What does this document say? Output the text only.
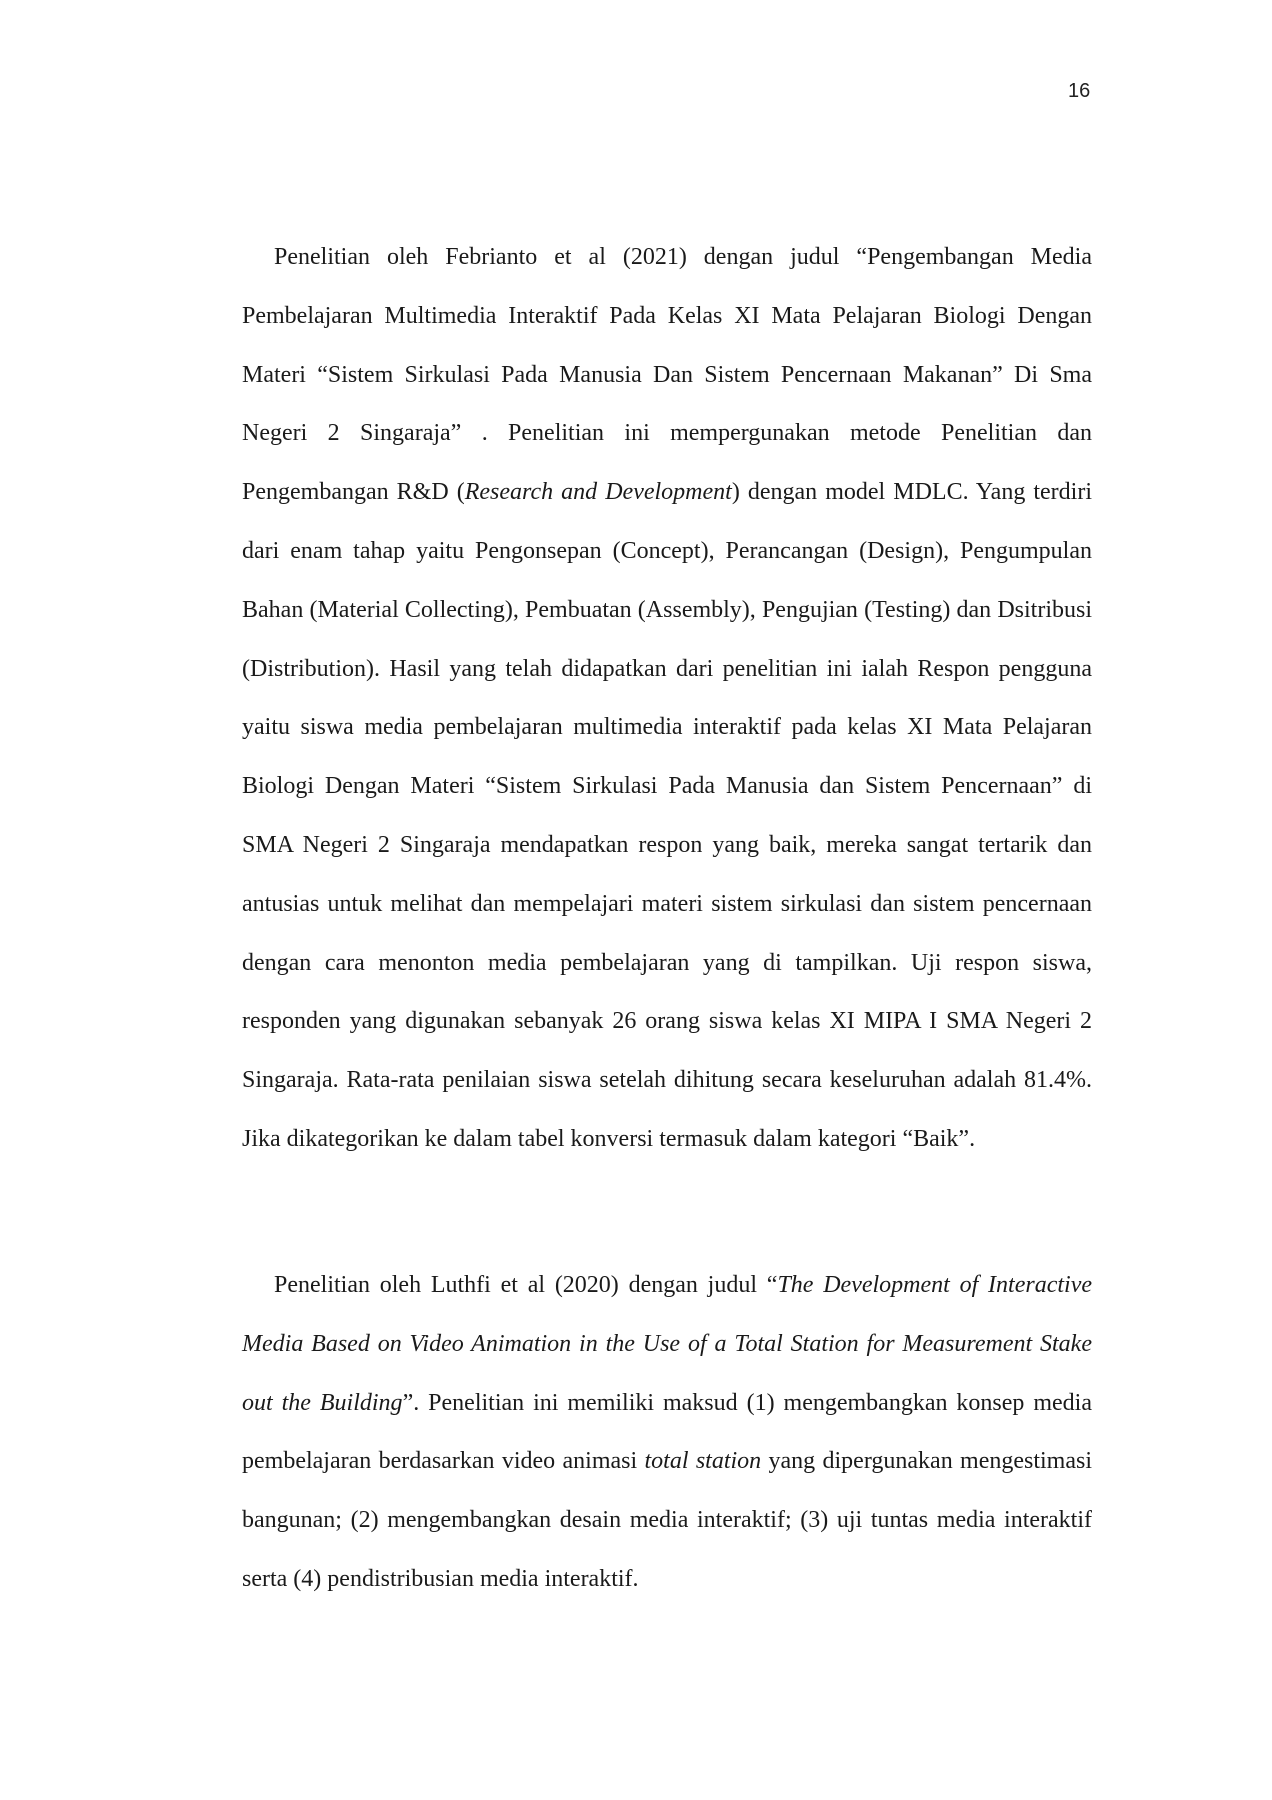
16

Penelitian oleh Febrianto et al (2021) dengan judul “Pengembangan Media Pembelajaran Multimedia Interaktif Pada Kelas XI Mata Pelajaran Biologi Dengan Materi “Sistem Sirkulasi Pada Manusia Dan Sistem Pencernaan Makanan” Di Sma Negeri 2 Singaraja” . Penelitian ini mempergunakan metode Penelitian dan Pengembangan R&D (Research and Development) dengan model MDLC. Yang terdiri dari enam tahap yaitu Pengonsepan (Concept), Perancangan (Design), Pengumpulan Bahan (Material Collecting), Pembuatan (Assembly), Pengujian (Testing) dan Dsitribusi (Distribution). Hasil yang telah didapatkan dari penelitian ini ialah Respon pengguna yaitu siswa media pembelajaran multimedia interaktif pada kelas XI Mata Pelajaran Biologi Dengan Materi “Sistem Sirkulasi Pada Manusia dan Sistem Pencernaan” di SMA Negeri 2 Singaraja mendapatkan respon yang baik, mereka sangat tertarik dan antusias untuk melihat dan mempelajari materi sistem sirkulasi dan sistem pencernaan dengan cara menonton media pembelajaran yang di tampilkan. Uji respon siswa, responden yang digunakan sebanyak 26 orang siswa kelas XI MIPA I SMA Negeri 2 Singaraja. Rata-rata penilaian siswa setelah dihitung secara keseluruhan adalah 81.4%. Jika dikategorikan ke dalam tabel konversi termasuk dalam kategori “Baik”.

Penelitian oleh Luthfi et al (2020) dengan judul “The Development of Interactive Media Based on Video Animation in the Use of a Total Station for Measurement Stake out the Building”. Penelitian ini memiliki maksud (1) mengembangkan konsep media pembelajaran berdasarkan video animasi total station yang dipergunakan mengestimasi bangunan; (2) mengembangkan desain media interaktif; (3) uji tuntas media interaktif serta (4) pendistribusian media interaktif.
